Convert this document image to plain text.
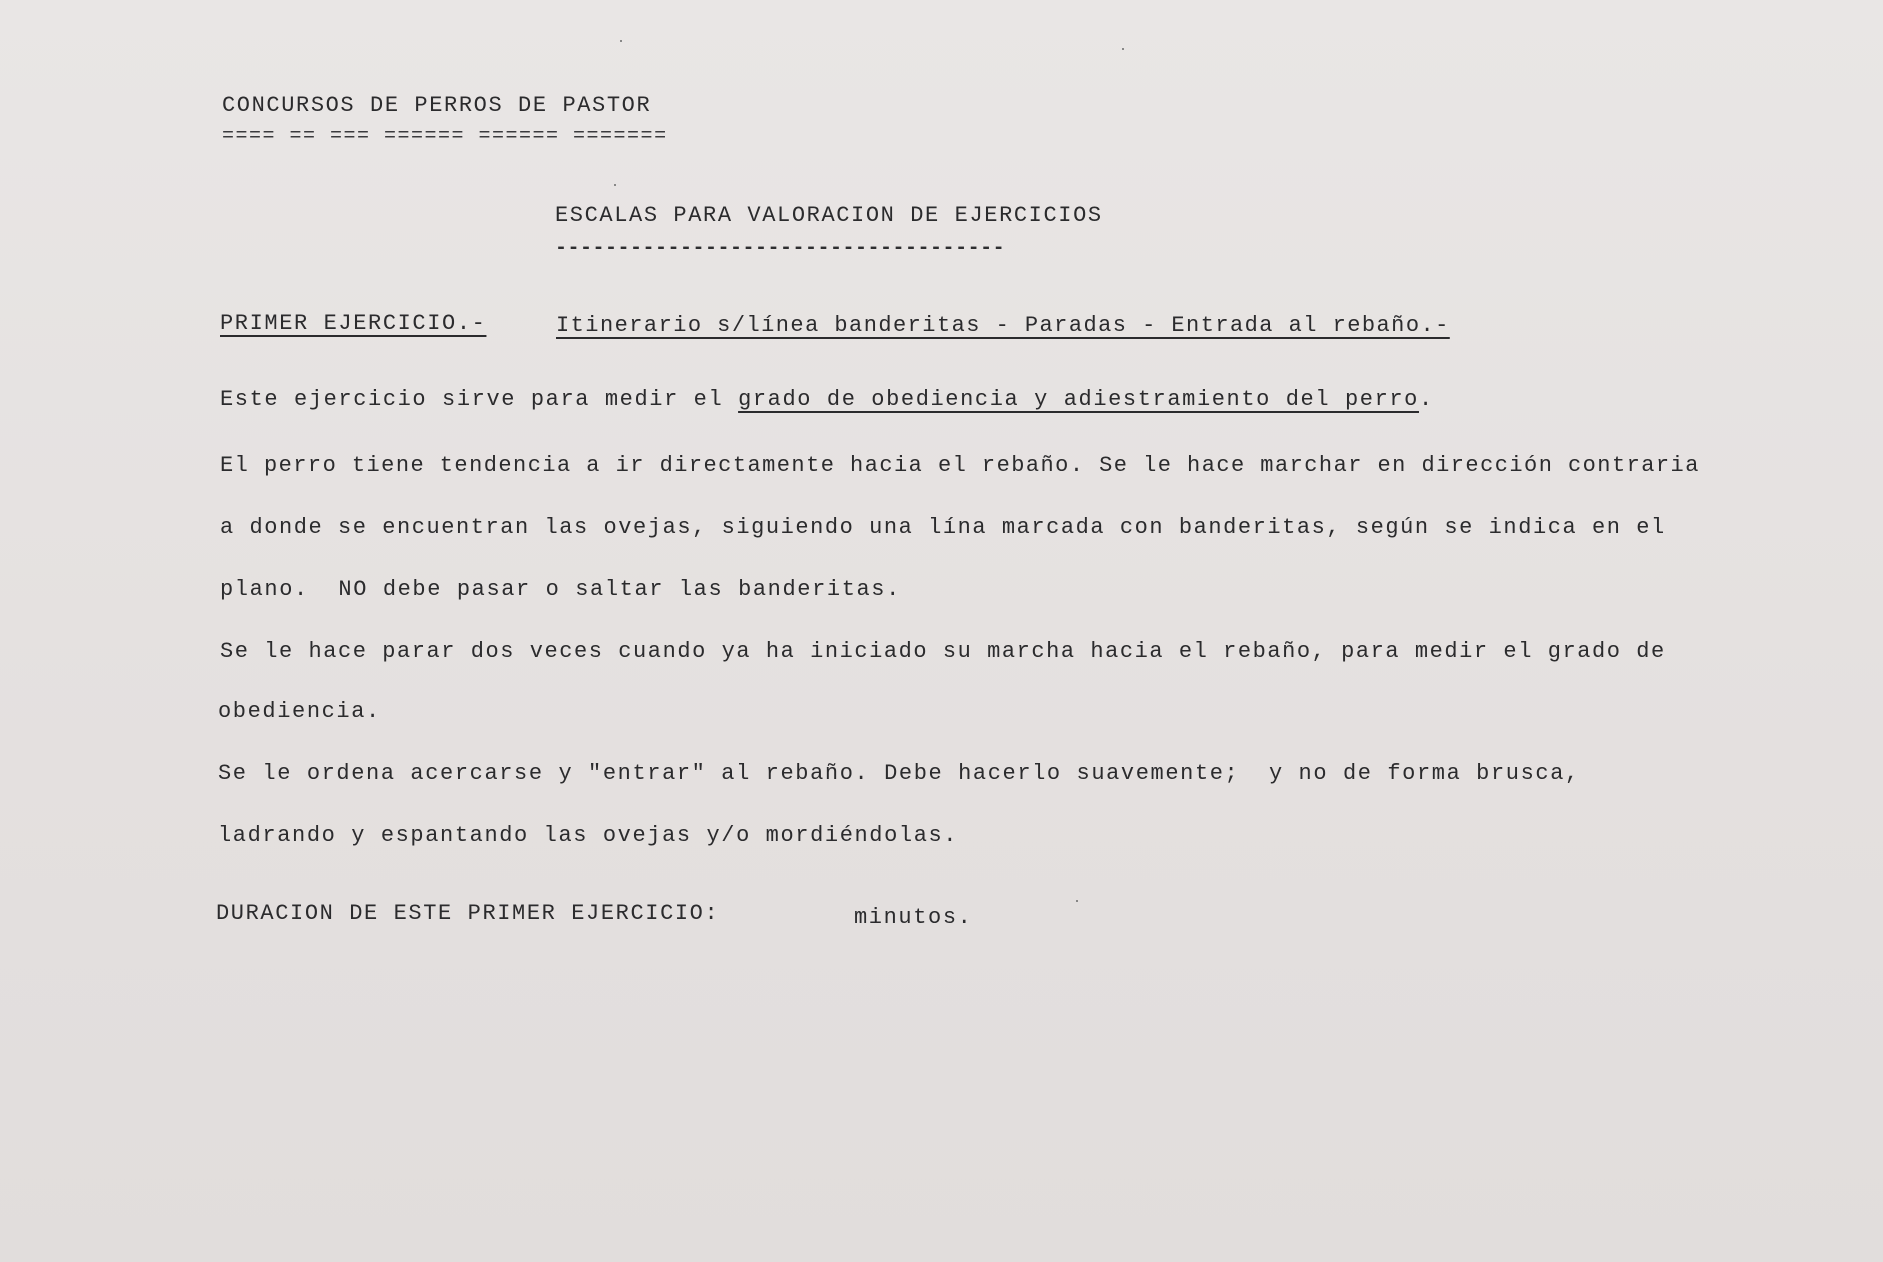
CONCURSOS DE PERROS DE PASTOR
==== == === ====== ====== =======
ESCALAS PARA VALORACION DE EJERCICIOS
------------------------------------
PRIMER EJERCICIO.-	Itinerario s/línea banderitas - Paradas - Entrada al rebaño.-
Este ejercicio sirve para medir el grado de obediencia y adiestramiento del perro.
El perro tiene tendencia a ir directamente hacia el rebaño. Se le hace marchar en dirección contraria
a donde se encuentran las ovejas, siguiendo una lína marcada con banderitas, según se indica en el
plano.  NO debe pasar o saltar las banderitas.
Se le hace parar dos veces cuando ya ha iniciado su marcha hacia el rebaño, para medir el grado de
obediencia.
Se le ordena acercarse y "entrar" al rebaño. Debe hacerlo suavemente;  y no de forma brusca,
ladrando y espantando las ovejas y/o mordiéndolas.
DURACION DE ESTE PRIMER EJERCICIO:	minutos.
